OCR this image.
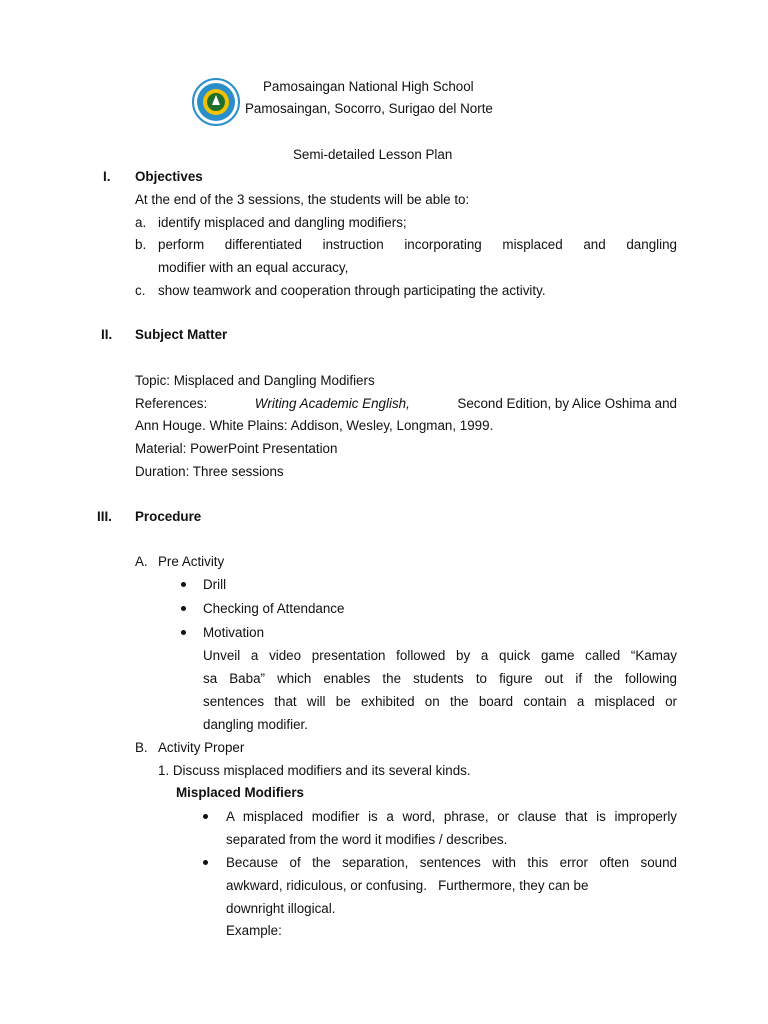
Pamosaingan National High School
Pamosaingan, Socorro, Surigao del Norte
Semi-detailed Lesson Plan
I. Objectives
At the end of the 3 sessions, the students will be able to:
a. identify misplaced and dangling modifiers;
b. perform differentiated instruction incorporating misplaced and dangling
modifier with an equal accuracy,
c. show teamwork and cooperation through participating the activity.
II. Subject Matter
Topic: Misplaced and Dangling Modifiers
References:	Writing Academic English,	Second Edition, by Alice Oshima and
Ann Houge. White Plains: Addison, Wesley, Longman, 1999.
Material: PowerPoint Presentation
Duration: Three sessions
III. Procedure
A. Pre Activity
Drill
Checking of Attendance
Motivation
Unveil a video presentation followed by a quick game called “Kamay
sa Baba” which enables the students to figure out if the following
sentences that will be exhibited on the board contain a misplaced or
dangling modifier.
B. Activity Proper
1. Discuss misplaced modifiers and its several kinds.
Misplaced Modifiers
A misplaced modifier is a word, phrase, or clause that is improperly
separated from the word it modifies / describes.
Because of the separation, sentences with this error often sound
awkward, ridiculous, or confusing.   Furthermore, they can be
downright illogical.
Example:
